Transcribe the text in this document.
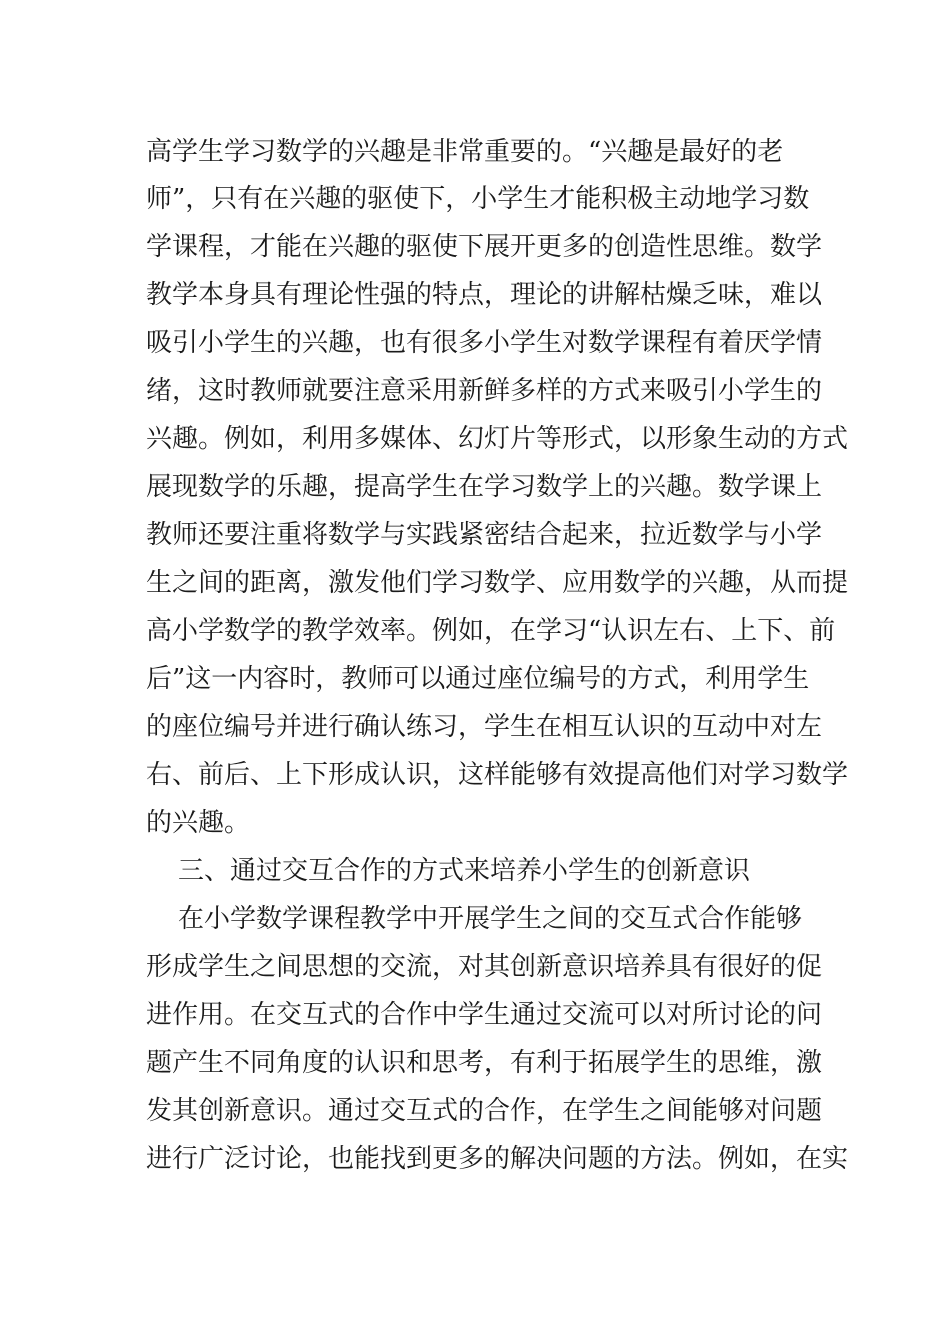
高学生学习数学的兴趣是非常重要的。“兴趣是最好的老
师”，只有在兴趣的驱使下，小学生才能积极主动地学习数
学课程，才能在兴趣的驱使下展开更多的创造性思维。数学
教学本身具有理论性强的特点，理论的讲解枯燥乏味，难以
吸引小学生的兴趣，也有很多小学生对数学课程有着厌学情
绪，这时教师就要注意采用新鲜多样的方式来吸引小学生的
兴趣。例如，利用多媒体、幻灯片等形式，以形象生动的方式
展现数学的乐趣，提高学生在学习数学上的兴趣。数学课上
教师还要注重将数学与实践紧密结合起来，拉近数学与小学
生之间的距离，激发他们学习数学、应用数学的兴趣，从而提
高小学数学的教学效率。例如，在学习“认识左右、上下、前
后”这一内容时，教师可以通过座位编号的方式，利用学生
的座位编号并进行确认练习，学生在相互认识的互动中对左
右、前后、上下形成认识，这样能够有效提高他们对学习数学
的兴趣。
三、通过交互合作的方式来培养小学生的创新意识
在小学数学课程教学中开展学生之间的交互式合作能够
形成学生之间思想的交流，对其创新意识培养具有很好的促
进作用。在交互式的合作中学生通过交流可以对所讨论的问
题产生不同角度的认识和思考，有利于拓展学生的思维，激
发其创新意识。通过交互式的合作，在学生之间能够对问题
进行广泛讨论，也能找到更多的解决问题的方法。例如，在实
